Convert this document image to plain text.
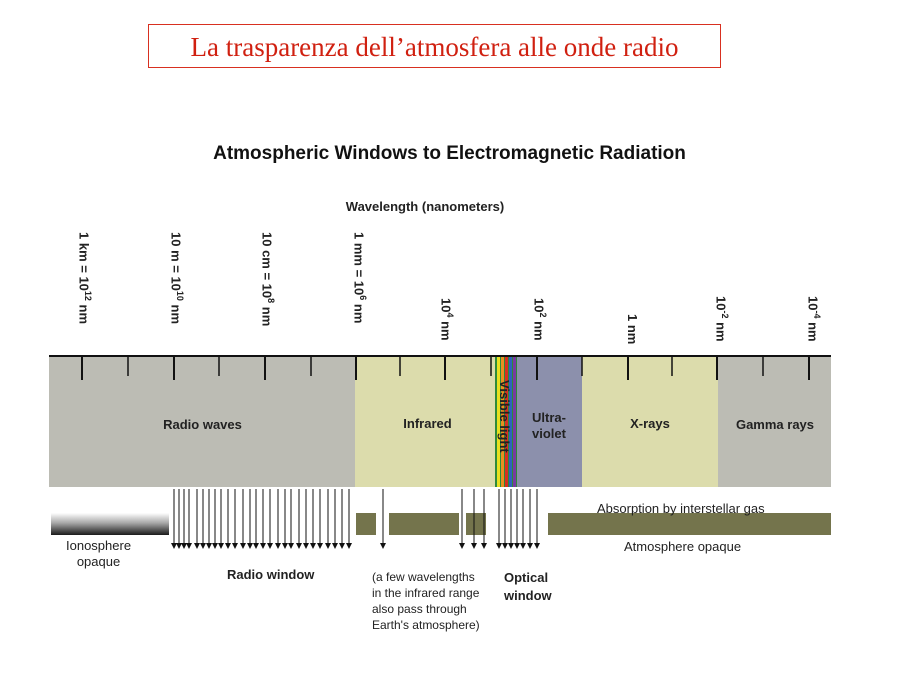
La trasparenza dell’atmosfera alle onde radio
Atmospheric Windows to Electromagnetic Radiation
Wavelength (nanometers)
1 km = $10^{12}$ nm
10 $m = 10^{10}$ nm
10 cm = $10^8$ nm
1 mm = $10^6$ nm	$10^4$ nm
$10^2$ nm	1 nm
$10^{-2}$ nm
$10^{-4}$ nm
Radio waves	Infrared	Visible light	Ultra-
violet
X-rays	Gamma rays
Ionosphere
opaque
Radio window	(a few wavelengths
in the infrared range
also pass through
Earth's atmosphere)
Optical
window
Absorption by interstellar gas
Atmosphere opaque
